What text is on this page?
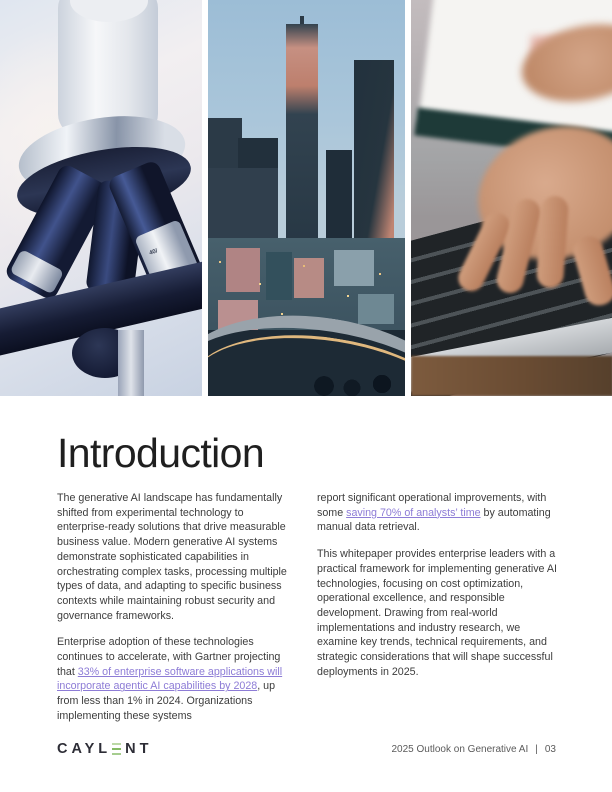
40/
Introduction

The generative AI landscape has fundamentally shifted from experimental technology to enterprise-ready solutions that drive measurable business value. Modern generative AI systems demonstrate sophisticated capabilities in orchestrating complex tasks, processing multiple types of data, and adapting to specific business contexts while maintaining robust security and governance frameworks.

Enterprise adoption of these technologies continues to accelerate, with Gartner projecting that 33% of enterprise software applications will incorporate agentic AI capabilities by 2028, up from less than 1% in 2024. Organizations implementing these systems

report significant operational improvements, with some saving 70% of analysts’ time by automating manual data retrieval.

This whitepaper provides enterprise leaders with a practical framework for implementing generative AI technologies, focusing on cost optimization, operational excellence, and responsible development. Drawing from real-world implementations and industry research, we examine key trends, technical requirements, and strategic considerations that will shape successful deployments in 2025.

CAYL NT	2025 Outlook on Generative AI | 03
